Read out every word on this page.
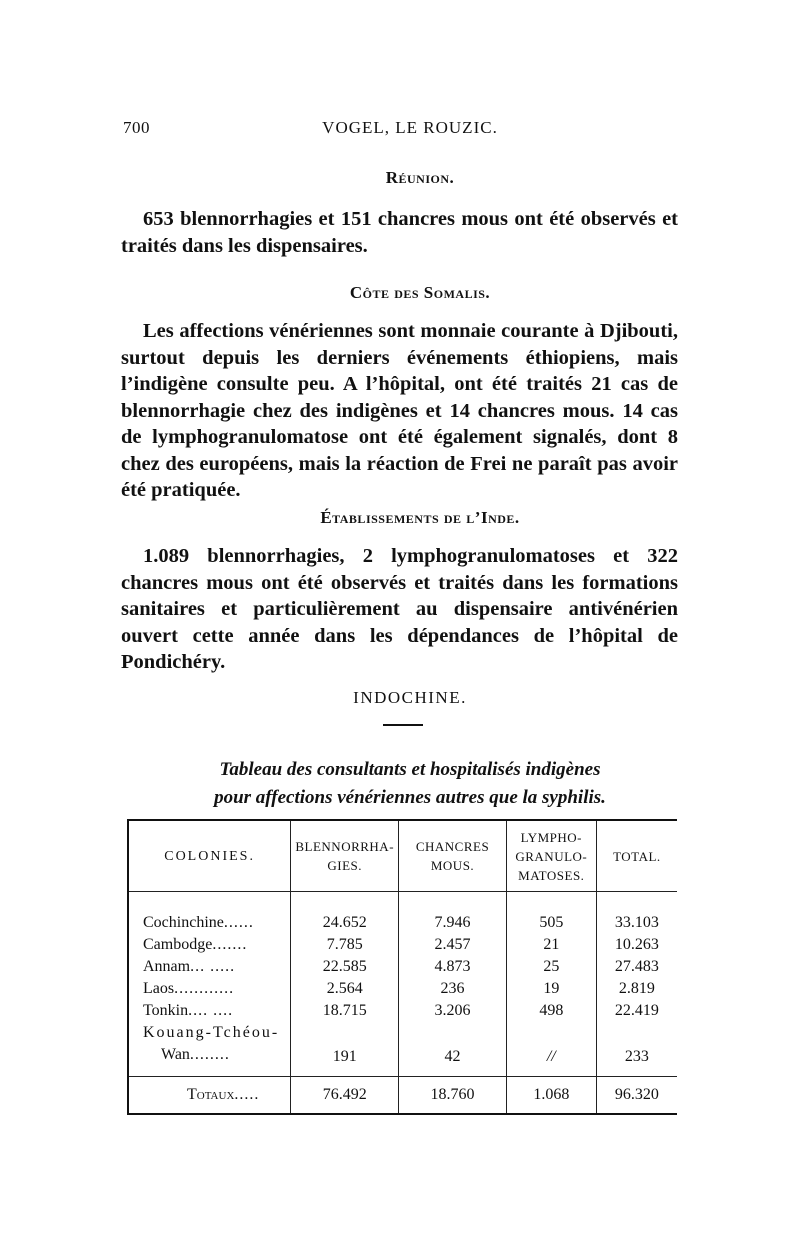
700	VOGEL, LE ROUZIC.
Réunion.
653 blennorrhagies et 151 chancres mous ont été observés et traités dans les dispensaires.
Côte des Somalis.
Les affections vénériennes sont monnaie courante à Djibouti, surtout depuis les derniers événements éthiopiens, mais l’indigène consulte peu. A l’hôpital, ont été traités 21 cas de blennorrhagie chez des indigènes et 14 chancres mous. 14 cas de lymphogranulomatose ont été également signalés, dont 8 chez des européens, mais la réaction de Frei ne paraît pas avoir été pratiquée.
Établissements de l’Inde.
1.089 blennorrhagies, 2 lymphogranulomatoses et 322 chancres mous ont été observés et traités dans les formations sanitaires et particulièrement au dispensaire antivénérien ouvert cette année dans les dépendances de l’hôpital de Pondichéry.
INDOCHINE.
Tableau des consultants et hospitalisés indigènes
pour affections vénériennes autres que la syphilis.
COLONIES.	BLENNORRHA-GIES.	CHANCRES MOUS.	LYMPHO-GRANULO-MATOSES.	TOTAL.
Cochinchine......	24.652	7.946	505	33.103
Cambodge.......	7.785	2.457	21	10.263
Annam... .....	22.585	4.873	25	27.483
Laos............	2.564	236	19	2.819
Tonkin.... ....	18.715	3.206	498	22.419
Kouang-Tchéou-
Wan........	191	42	//	233
Totaux.....	76.492	18.760	1.068	96.320
